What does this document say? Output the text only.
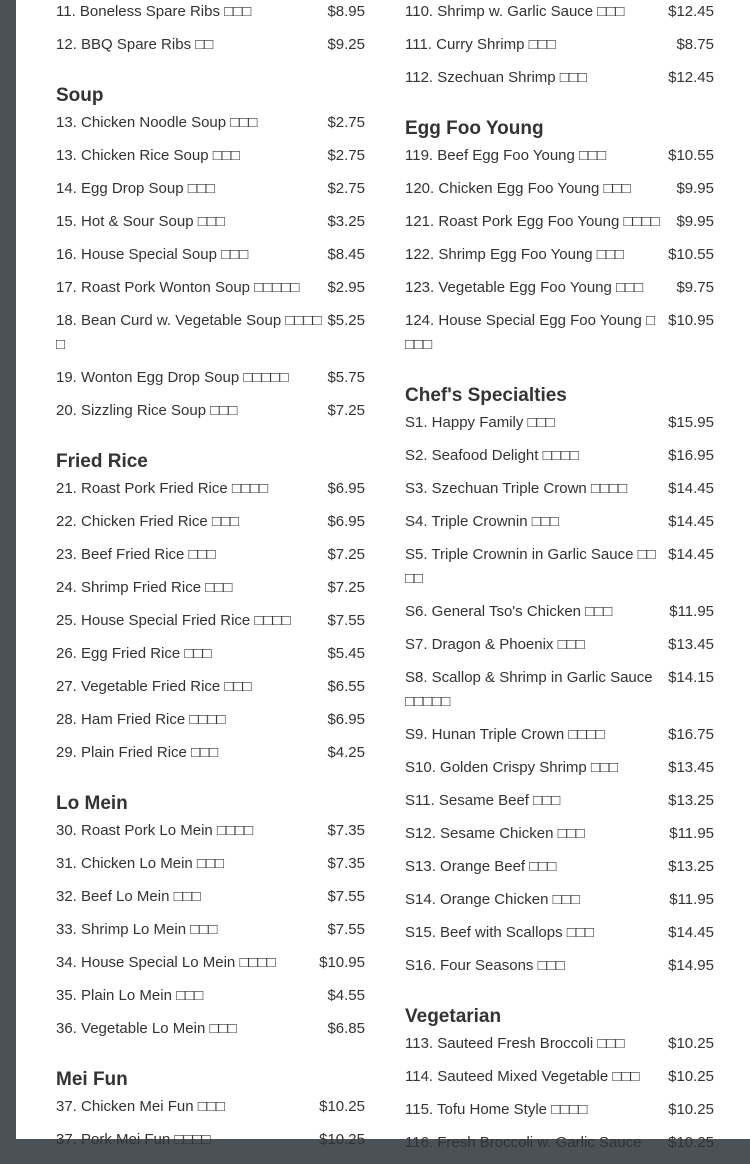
11. Boneless Spare Ribs □□□	$8.95
12. BBQ Spare Ribs □□	$9.25
Soup
13. Chicken Noodle Soup □□□	$2.75
13. Chicken Rice Soup □□□	$2.75
14. Egg Drop Soup □□□	$2.75
15. Hot & Sour Soup □□□	$3.25
16. House Special Soup □□□	$8.45
17. Roast Pork Wonton Soup □□□□□	$2.95
18. Bean Curd w. Vegetable Soup □□□□□
$5.25
19. Wonton Egg Drop Soup □□□□□	$5.75
20. Sizzling Rice Soup □□□	$7.25
Fried Rice
21. Roast Pork Fried Rice □□□□	$6.95
22. Chicken Fried Rice □□□	$6.95
23. Beef Fried Rice □□□	$7.25
24. Shrimp Fried Rice □□□	$7.25
25. House Special Fried Rice □□□□	$7.55
26. Egg Fried Rice □□□	$5.45
27. Vegetable Fried Rice □□□	$6.55
28. Ham Fried Rice □□□□	$6.95
29. Plain Fried Rice □□□	$4.25
Lo Mein
30. Roast Pork Lo Mein □□□□	$7.35
31. Chicken Lo Mein □□□	$7.35
32. Beef Lo Mein □□□	$7.55
33. Shrimp Lo Mein □□□	$7.55
34. House Special Lo Mein □□□□	$10.95
35. Plain Lo Mein □□□	$4.55
36. Vegetable Lo Mein □□□	$6.85
Mei Fun
37. Chicken Mei Fun □□□	$10.25
37. Pork Mei Fun □□□□	$10.25
110. Shrimp w. Garlic Sauce □□□	$12.45
111. Curry Shrimp □□□	$8.75
112. Szechuan Shrimp □□□	$12.45
Egg Foo Young
119. Beef Egg Foo Young □□□	$10.55
120. Chicken Egg Foo Young □□□	$9.95
121. Roast Pork Egg Foo Young □□□□	$9.95
122. Shrimp Egg Foo Young □□□	$10.55
123. Vegetable Egg Foo Young □□□	$9.75
124. House Special Egg Foo Young □□□□
$10.95
Chef's Specialties
S1. Happy Family □□□	$15.95
S2. Seafood Delight □□□□	$16.95
S3. Szechuan Triple Crown □□□□	$14.45
S4. Triple Crownin □□□	$14.45
S5. Triple Crownin in Garlic Sauce □□□□
$14.45
S6. General Tso's Chicken □□□	$11.95
S7. Dragon & Phoenix □□□	$13.45
S8. Scallop & Shrimp in Garlic Sauce □□□□□
$14.15
S9. Hunan Triple Crown □□□□	$16.75
S10. Golden Crispy Shrimp □□□	$13.45
S11. Sesame Beef □□□	$13.25
S12. Sesame Chicken □□□	$11.95
S13. Orange Beef □□□	$13.25
S14. Orange Chicken □□□	$11.95
S15. Beef with Scallops □□□	$14.45
S16. Four Seasons □□□	$14.95
Vegetarian
113. Sauteed Fresh Broccoli □□□	$10.25
114. Sauteed Mixed Vegetable □□□	$10.25
115. Tofu Home Style □□□□	$10.25
116. Fresh Broccoli w. Garlic Sauce	$10.25
